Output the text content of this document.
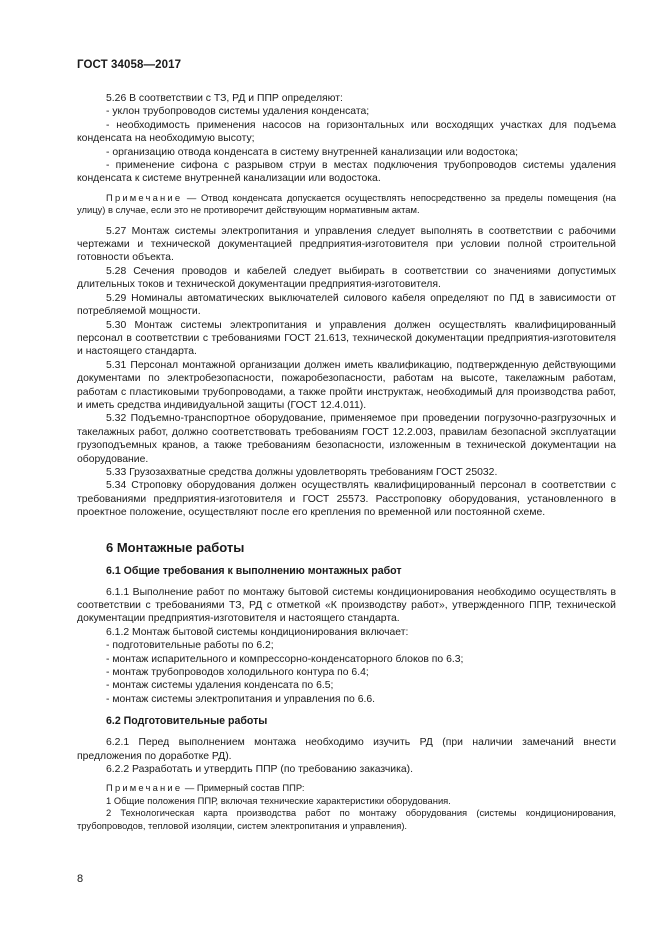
ГОСТ 34058—2017

5.26 В соответствии с ТЗ, РД и ППР определяют:

- уклон трубопроводов системы удаления конденсата;

- необходимость применения насосов на горизонтальных или восходящих участках для подъема конденсата на необходимую высоту;

- организацию отвода конденсата в систему внутренней канализации или водостока;

- применение сифона с разрывом струи в местах подключения трубопроводов системы удаления конденсата к системе внутренней канализации или водостока.

Примечание — Отвод конденсата допускается осуществлять непосредственно за пределы помещения (на улицу) в случае, если это не противоречит действующим нормативным актам.

5.27 Монтаж системы электропитания и управления следует выполнять в соответствии с рабочими чертежами и технической документацией предприятия-изготовителя при условии полной строительной готовности объекта.

5.28 Сечения проводов и кабелей следует выбирать в соответствии со значениями допустимых длительных токов и технической документации предприятия-изготовителя.

5.29 Номиналы автоматических выключателей силового кабеля определяют по ПД в зависимости от потребляемой мощности.

5.30 Монтаж системы электропитания и управления должен осуществлять квалифицированный персонал в соответствии с требованиями ГОСТ 21.613, технической документации предприятия-изготовителя и настоящего стандарта.

5.31 Персонал монтажной организации должен иметь квалификацию, подтвержденную действующими документами по электробезопасности, пожаробезопасности, работам на высоте, такелажным работам, работам с пластиковыми трубопроводами, а также пройти инструктаж, необходимый для производства работ, и иметь средства индивидуальной защиты (ГОСТ 12.4.011).

5.32 Подъемно-транспортное оборудование, применяемое при проведении погрузочно-разгрузочных и такелажных работ, должно соответствовать требованиям ГОСТ 12.2.003, правилам безопасной эксплуатации грузоподъемных кранов, а также требованиям безопасности, изложенным в технической документации на оборудование.

5.33 Грузозахватные средства должны удовлетворять требованиям ГОСТ 25032.

5.34 Строповку оборудования должен осуществлять квалифицированный персонал в соответствии с требованиями предприятия-изготовителя и ГОСТ 25573. Расстроповку оборудования, установленного в проектное положение, осуществляют после его крепления по временной или постоянной схеме.

6 Монтажные работы

6.1 Общие требования к выполнению монтажных работ

6.1.1 Выполнение работ по монтажу бытовой системы кондиционирования необходимо осуществлять в соответствии с требованиями ТЗ, РД с отметкой «К производству работ», утвержденного ППР, технической документации предприятия-изготовителя и настоящего стандарта.

6.1.2 Монтаж бытовой системы кондиционирования включает:

- подготовительные работы по 6.2;

- монтаж испарительного и компрессорно-конденсаторного блоков по 6.3;

- монтаж трубопроводов холодильного контура по 6.4;

- монтаж системы удаления конденсата по 6.5;

- монтаж системы электропитания и управления по 6.6.

6.2 Подготовительные работы

6.2.1 Перед выполнением монтажа необходимо изучить РД (при наличии замечаний внести предложения по доработке РД).

6.2.2 Разработать и утвердить ППР (по требованию заказчика).

Примечание — Примерный состав ППР:

1 Общие положения ППР, включая технические характеристики оборудования.

2 Технологическая карта производства работ по монтажу оборудования (системы кондиционирования, трубопроводов, тепловой изоляции, систем электропитания и управления).

8
